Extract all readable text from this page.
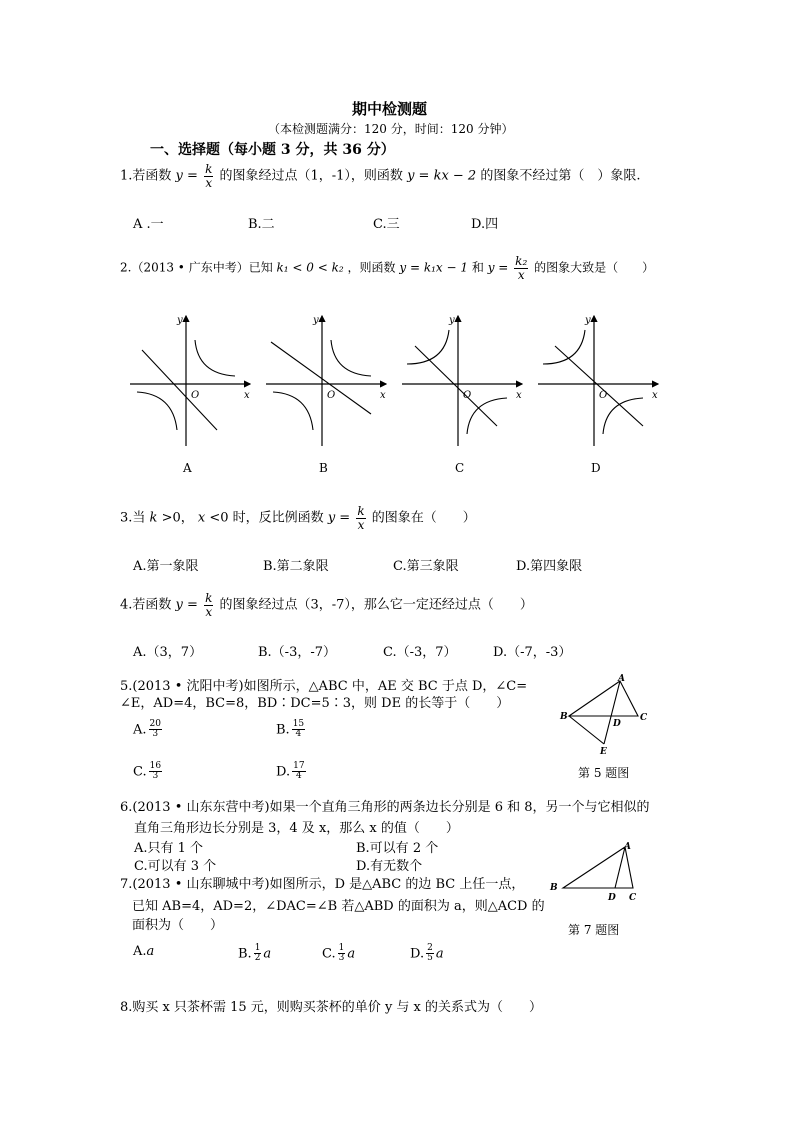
期中检测题
（本检测题满分：120 分，时间：120 分钟）
一、选择题（每小题 3 分，共 36 分）
1.若函数 $y = \frac{k}{x}$ 的图象经过点（1，-1），则函数 y = kx − 2 的图象不经过第（　）象限.
A .一	B.二	C.三	D.四
2.（2013 • 广东中考）已知 k₁ < 0 < k₂ ，则函数 y = k₁x − 1 和 $y = \frac{\text{k₂}}{x}$ 的图象大致是（　　）
O	x
y
A
O	x
y
B
O	x
y
C
O	x
y
D
3.当 k >0， x <0 时，反比例函数 $y = \frac{k}{x}$ 的图象在（　　）
A.第一象限	B.第二象限	C.第三象限	D.第四象限
4.若函数 $y = \frac{k}{x}$ 的图象经过点（3，-7），那么它一定还经过点（　　）
A.（3，7）	B.（-3，-7）	C.（-3，7）	D.（-7，-3）
5.(2013 • 沈阳中考)如图所示，△ABC 中，AE 交 BC 于点 D，∠C=
∠E，AD=4，BC=8，BD∶DC=5∶3，则 DE 的长等于（　　）
A. $\frac{20}{3}$	B. $\frac{15}{4}$
C. $\frac{16}{3}$	D. $\frac{17}{4}$
A
B
D
C
E
第 5 题图
6.(2013 • 山东东营中考)如果一个直角三角形的两条边长分别是 6 和 8，另一个与它相似的
直角三角形边长分别是 3，4 及 x，那么 x 的值（　　）
A.只有 1 个	B.可以有 2 个
C.可以有 3 个	D.有无数个
7.(2013 • 山东聊城中考)如图所示，D 是△ABC 的边 BC 上任一点，
已知 AB=4，AD=2，∠DAC=∠B 若△ABD 的面积为 a，则△ACD 的
面积为（　　）
A.a	B. $\frac{1}{2}$ a	C. $\frac{1}{3}$ a	D. $\frac{2}{5}$ a
A
B
D C
第 7 题图
8.购买 x 只茶杯需 15 元，则购买茶杯的单价 y 与 x 的关系式为（　　）
